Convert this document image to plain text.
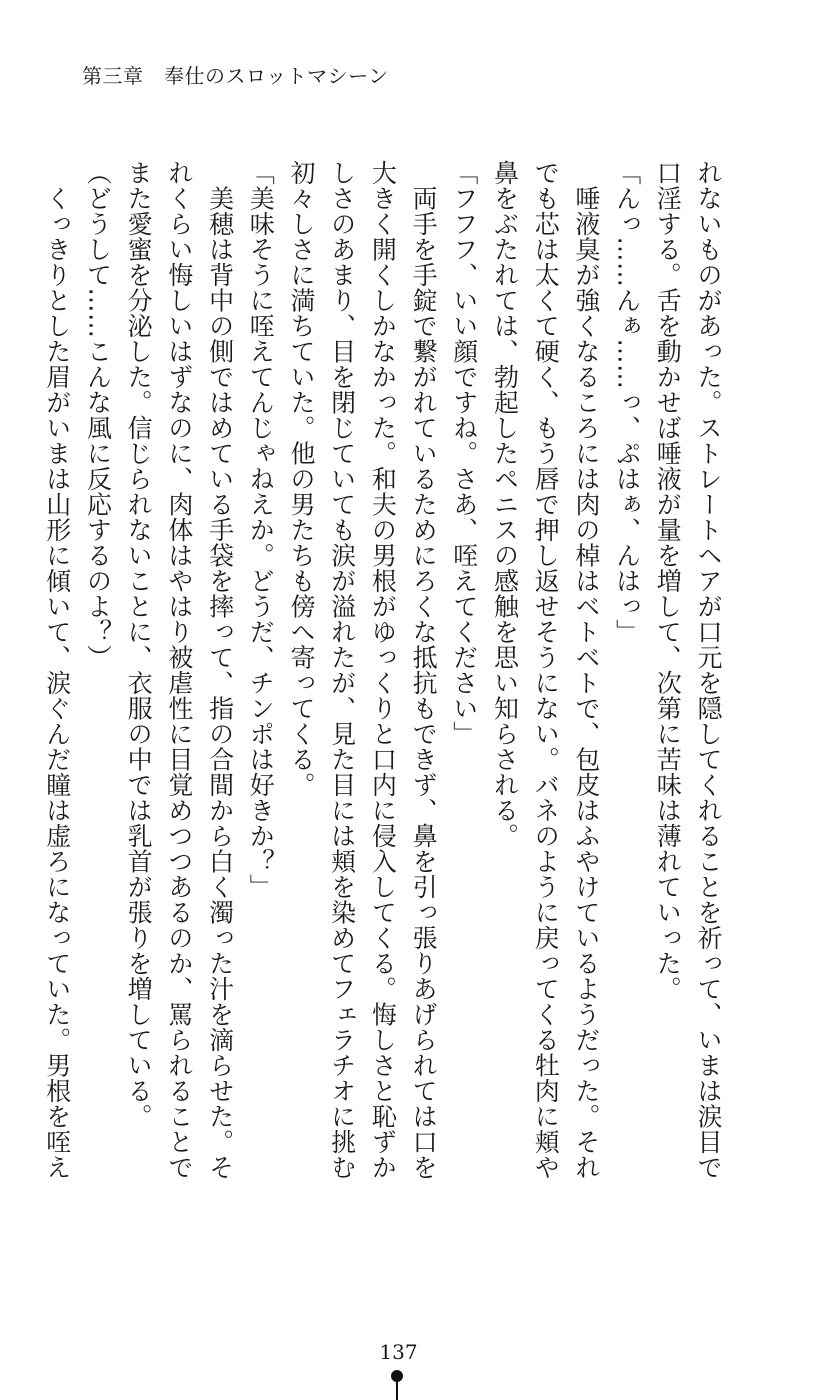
第三章　奉仕のスロットマシーン
れないものがあった。ストレートヘアが口元を隠してくれることを祈って、いまは涙目で
口淫する。舌を動かせば唾液が量を増して、次第に苦味は薄れていった。
「んっ……んぁ……っ、ぷはぁ、んはっ」
　唾液臭が強くなるころには肉の棹はベトベトで、包皮はふやけているようだった。それ
でも芯は太くて硬く、もう唇で押し返せそうにない。バネのように戻ってくる牡肉に頬や
鼻をぶたれては、勃起したペニスの感触を思い知らされる。
「フフフ、いい顔ですね。さあ、咥えてください」
　両手を手錠で繋がれているためにろくな抵抗もできず、鼻を引っ張りあげられては口を
大きく開くしかなかった。和夫の男根がゆっくりと口内に侵入してくる。悔しさと恥ずか
しさのあまり、目を閉じていても涙が溢れたが、見た目には頬を染めてフェラチオに挑む
初々しさに満ちていた。他の男たちも傍へ寄ってくる。
「美味そうに咥えてんじゃねえか。どうだ、チンポは好きか？」
　美穂は背中の側ではめている手袋を摔って、指の合間から白く濁った汁を滴らせた。そ
れくらい悔しいはずなのに、肉体はやはり被虐性に目覚めつつあるのか、罵られることで
また愛蜜を分泌した。信じられないことに、衣服の中では乳首が張りを増している。
（どうして……こんな風に反応するのよ？）
　くっきりとした眉がいまは山形に傾いて、涙ぐんだ瞳は虚ろになっていた。男根を咥え
137
